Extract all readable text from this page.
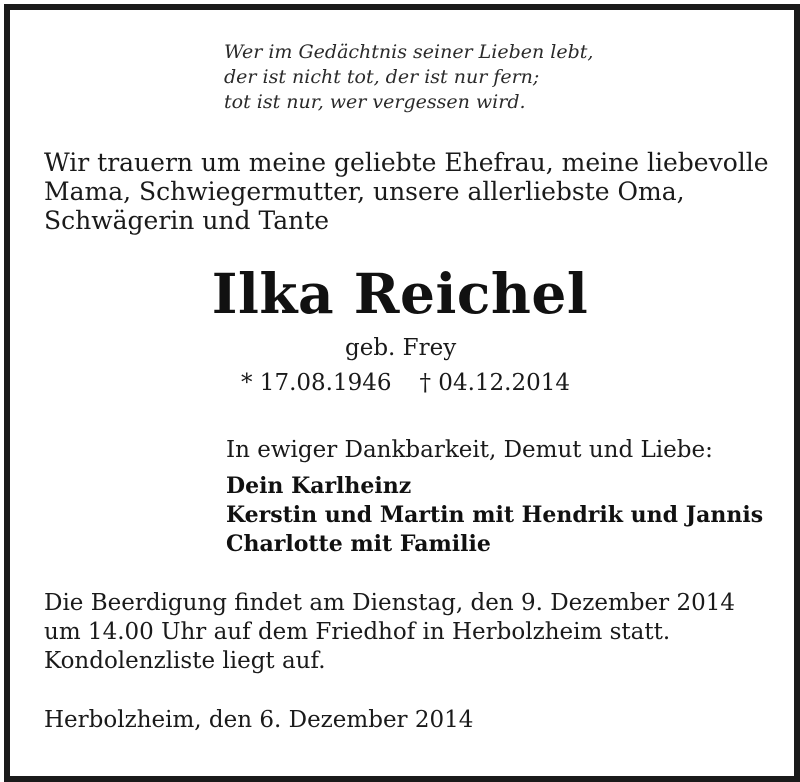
Wer im Gedächtnis seiner Lieben lebt,
der ist nicht tot, der ist nur fern;
tot ist nur, wer vergessen wird.
Wir trauern um meine geliebte Ehefrau, meine liebevolle
Mama, Schwiegermutter, unsere allerliebste Oma,
Schwägerin und Tante
Ilka Reichel
geb. Frey
* 17.08.1946 † 04.12.2014
In ewiger Dankbarkeit, Demut und Liebe:
Dein Karlheinz
Kerstin und Martin mit Hendrik und Jannis
Charlotte mit Familie
Die Beerdigung findet am Dienstag, den 9. Dezember 2014
um 14.00 Uhr auf dem Friedhof in Herbolzheim statt.
Kondolenzliste liegt auf.
Herbolzheim, den 6. Dezember 2014
